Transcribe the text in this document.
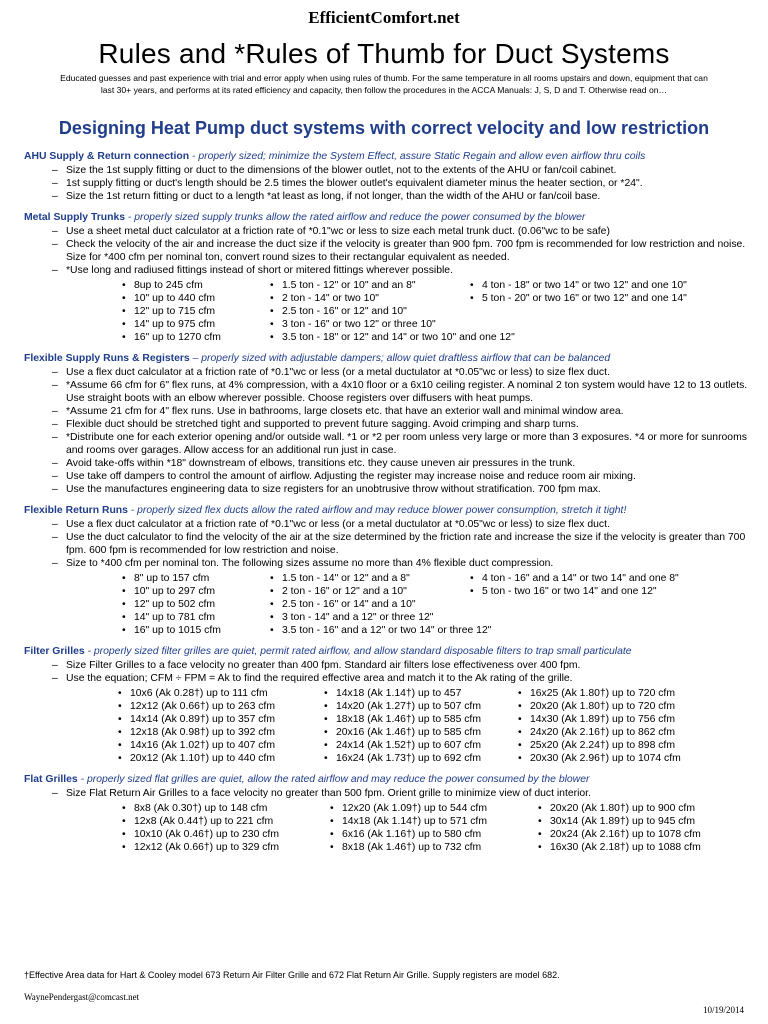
EfficientComfort.net
Rules and *Rules of Thumb for Duct Systems
Educated guesses and past experience with trial and error apply when using rules of thumb. For the same temperature in all rooms upstairs and down, equipment that can last 30+ years, and performs at its rated efficiency and capacity, then follow the procedures in the ACCA Manuals: J, S, D and T. Otherwise read on…
Designing Heat Pump duct systems with correct velocity and low restriction
AHU Supply & Return connection - properly sized; minimize the System Effect, assure Static Regain and allow even airflow thru coils
– Size the 1st supply fitting or duct to the dimensions of the blower outlet, not to the extents of the AHU or fan/coil cabinet.
– 1st supply fitting or duct's length should be 2.5 times the blower outlet's equivalent diameter minus the heater section, or *24".
– Size the 1st return fitting or duct to a length *at least as long, if not longer, than the width of the AHU or fan/coil base.
Metal Supply Trunks - properly sized supply trunks allow the rated airflow and reduce the power consumed by the blower
– Use a sheet metal duct calculator at a friction rate of *0.1"wc or less to size each metal trunk duct. (0.06"wc to be safe)
– Check the velocity of the air and increase the duct size if the velocity is greater than 900 fpm. 700 fpm is recommended for low restriction and noise. Size for *400 cfm per nominal ton, convert round sizes to their rectangular equivalent as needed.
– *Use long and radiused fittings instead of short or mitered fittings wherever possible.
• 8up to 245 cfm
• 10" up to 440 cfm
• 12" up to 715 cfm
• 14" up to 975 cfm
• 16" up to 1270 cfm
• 1.5 ton - 12" or 10" and an 8"
• 2 ton - 14" or two 10"
• 2.5 ton - 16" or 12" and 10"
• 3 ton - 16" or two 12" or three 10"
• 3.5 ton - 18" or 12" and 14" or two 10" and one 12"
• 4 ton - 18" or two 14" or two 12" and one 10"
• 5 ton - 20" or two 16" or two 12" and one 14"
Flexible Supply Runs & Registers – properly sized with adjustable dampers; allow quiet draftless airflow that can be balanced
– Use a flex duct calculator at a friction rate of *0.1"wc or less (or a metal ductulator at *0.05"wc or less) to size flex duct.
– *Assume 66 cfm for 6" flex runs, at 4% compression, with a 4x10 floor or a 6x10 ceiling register. A nominal 2 ton system would have 12 to 13 outlets. Use straight boots with an elbow wherever possible. Choose registers over diffusers with heat pumps.
– *Assume 21 cfm for 4" flex runs. Use in bathrooms, large closets etc. that have an exterior wall and minimal window area.
– Flexible duct should be stretched tight and supported to prevent future sagging. Avoid crimping and sharp turns.
– *Distribute one for each exterior opening and/or outside wall. *1 or *2 per room unless very large or more than 3 exposures. *4 or more for sunrooms and rooms over garages. Allow access for an additional run just in case.
– Avoid take-offs within *18" downstream of elbows, transitions etc. they cause uneven air pressures in the trunk.
– Use take off dampers to control the amount of airflow. Adjusting the register may increase noise and reduce room air mixing.
– Use the manufactures engineering data to size registers for an unobtrusive throw without stratification. 700 fpm max.
Flexible Return Runs - properly sized flex ducts allow the rated airflow and may reduce blower power consumption, stretch it tight!
– Use a flex duct calculator at a friction rate of *0.1"wc or less (or a metal ductulator at *0.05"wc or less) to size flex duct.
– Use the duct calculator to find the velocity of the air at the size determined by the friction rate and increase the size if the velocity is greater than 700 fpm. 600 fpm is recommended for low restriction and noise.
– Size to *400 cfm per nominal ton. The following sizes assume no more than 4% flexible duct compression.
• 8" up to 157 cfm
• 10" up to 297 cfm
• 12" up to 502 cfm
• 14" up to 781 cfm
• 16" up to 1015 cfm
• 1.5 ton - 14" or 12" and a 8"
• 2 ton - 16" or 12" and a 10"
• 2.5 ton - 16" or 14" and a 10"
• 3 ton - 14" and a 12" or three 12"
• 3.5 ton - 16" and a 12" or two 14" or three 12"
• 4 ton - 16" and a 14" or two 14" and one 8"
• 5 ton - two 16" or two 14" and one 12"
Filter Grilles - properly sized filter grilles are quiet, permit rated airflow, and allow standard disposable filters to trap small particulate
– Size Filter Grilles to a face velocity no greater than 400 fpm. Standard air filters lose effectiveness over 400 fpm.
– Use the equation; CFM ÷ FPM = Ak to find the required effective area and match it to the Ak rating of the grille.
• 10x6 (Ak 0.28†) up to 111 cfm
• 12x12 (Ak 0.66†) up to 263 cfm
• 14x14 (Ak 0.89†) up to 357 cfm
• 12x18 (Ak 0.98†) up to 392 cfm
• 14x16 (Ak 1.02†) up to 407 cfm
• 20x12 (Ak 1.10†) up to 440 cfm
• 14x18 (Ak 1.14†) up to 457
• 14x20 (Ak 1.27†) up to 507 cfm
• 18x18 (Ak 1.46†) up to 585 cfm
• 20x16 (Ak 1.46†) up to 585 cfm
• 24x14 (Ak 1.52†) up to 607 cfm
• 16x24 (Ak 1.73†) up to 692 cfm
• 16x25 (Ak 1.80†) up to 720 cfm
• 20x20 (Ak 1.80†) up to 720 cfm
• 14x30 (Ak 1.89†) up to 756 cfm
• 24x20 (Ak 2.16†) up to 862 cfm
• 25x20 (Ak 2.24†) up to 898 cfm
• 20x30 (Ak 2.96†) up to 1074 cfm
Flat Grilles - properly sized flat grilles are quiet, allow the rated airflow and may reduce the power consumed by the blower
– Size Flat Return Air Grilles to a face velocity no greater than 500 fpm. Orient grille to minimize view of duct interior.
• 8x8 (Ak 0.30†) up to 148 cfm
• 12x8 (Ak 0.44†) up to 221 cfm
• 10x10 (Ak 0.46†) up to 230 cfm
• 12x12 (Ak 0.66†) up to 329 cfm
• 12x20 (Ak 1.09†) up to 544 cfm
• 14x18 (Ak 1.14†) up to 571 cfm
• 6x16 (Ak 1.16†) up to 580 cfm
• 8x18 (Ak 1.46†) up to 732 cfm
• 20x20 (Ak 1.80†) up to 900 cfm
• 30x14 (Ak 1.89†) up to 945 cfm
• 20x24 (Ak 2.16†) up to 1078 cfm
• 16x30 (Ak 2.18†) up to 1088 cfm
†Effective Area data for Hart & Cooley model 673 Return Air Filter Grille and 672 Flat Return Air Grille. Supply registers are model 682.
WaynePendergast@comcast.net
10/19/2014
